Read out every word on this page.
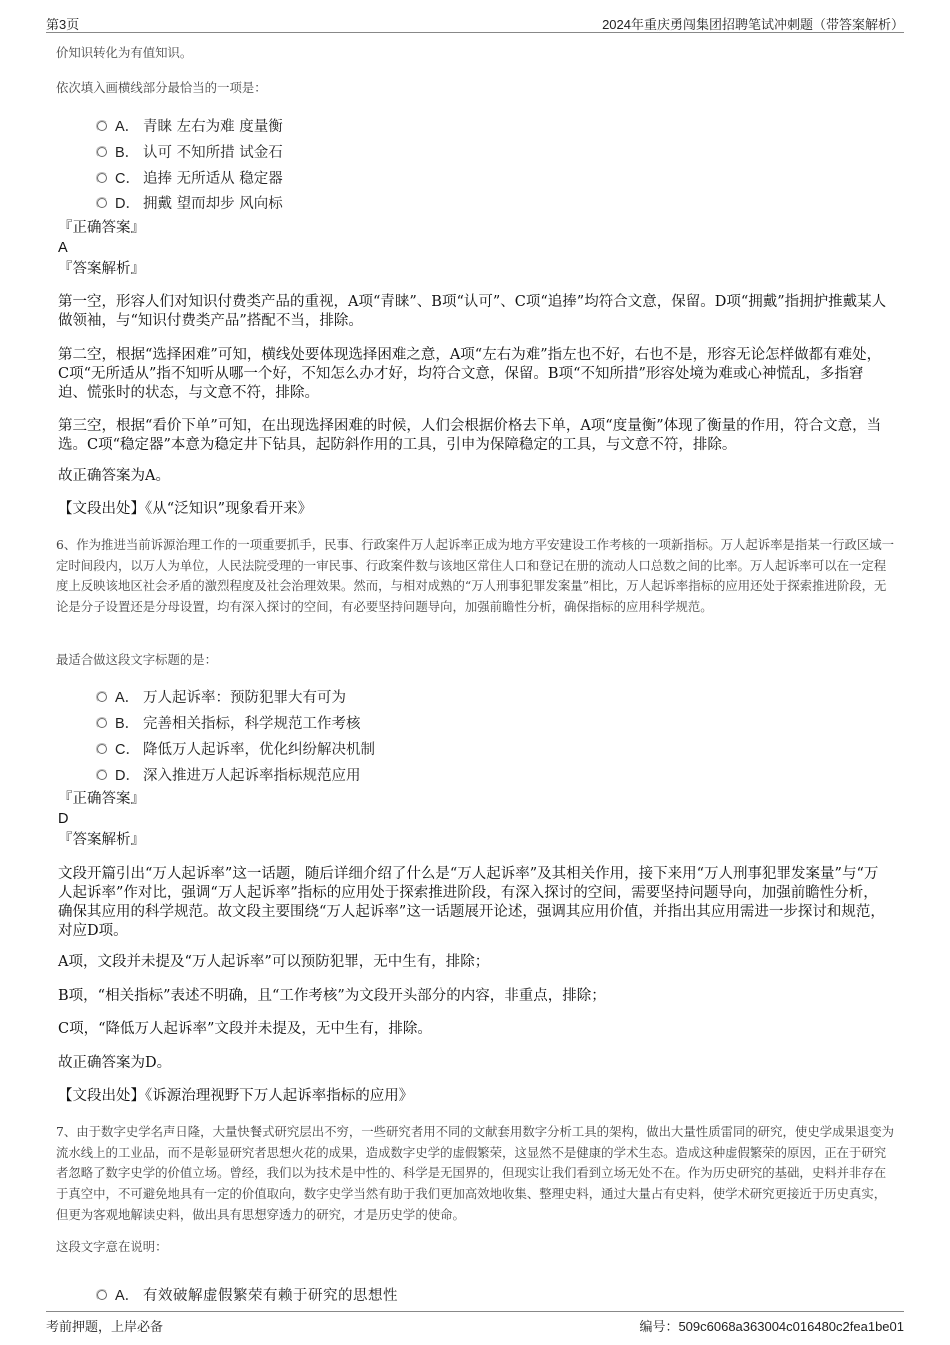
第3页	2024年重庆勇闯集团招聘笔试冲刺题（带答案解析）
价知识转化为有值知识。
依次填入画横线部分最恰当的一项是：
A． 青睐 左右为难 度量衡
B． 认可 不知所措 试金石
C． 追捧 无所适从 稳定器
D． 拥戴 望而却步 风向标
『正确答案』
A
『答案解析』
第一空，形容人们对知识付费类产品的重视，A项“青睐”、B项“认可”、C项“追捧”均符合文意，保留。D项“拥戴”指拥护推戴某人做领袖，与“知识付费类产品”搭配不当，排除。
第二空，根据“选择困难”可知，横线处要体现选择困难之意，A项“左右为难”指左也不好，右也不是，形容无论怎样做都有难处，C项“无所适从”指不知听从哪一个好，不知怎么办才好，均符合文意，保留。B项“不知所措”形容处境为难或心神慌乱，多指窘迫、慌张时的状态，与文意不符，排除。
第三空，根据“看价下单”可知，在出现选择困难的时候，人们会根据价格去下单，A项“度量衡”体现了衡量的作用，符合文意，当选。C项“稳定器”本意为稳定井下钻具，起防斜作用的工具，引申为保障稳定的工具，与文意不符，排除。
故正确答案为A。
【文段出处】《从“泛知识”现象看开来》
6、作为推进当前诉源治理工作的一项重要抓手，民事、行政案件万人起诉率正成为地方平安建设工作考核的一项新指标。万人起诉率是指某一行政区域一定时间段内，以万人为单位，人民法院受理的一审民事、行政案件数与该地区常住人口和登记在册的流动人口总数之间的比率。万人起诉率可以在一定程度上反映该地区社会矛盾的激烈程度及社会治理效果。然而，与相对成熟的“万人刑事犯罪发案量”相比，万人起诉率指标的应用还处于探索推进阶段，无论是分子设置还是分母设置，均有深入探讨的空间，有必要坚持问题导向，加强前瞻性分析，确保指标的应用科学规范。
最适合做这段文字标题的是：
A． 万人起诉率：预防犯罪大有可为
B． 完善相关指标，科学规范工作考核
C． 降低万人起诉率，优化纠纷解决机制
D． 深入推进万人起诉率指标规范应用
『正确答案』
D
『答案解析』
文段开篇引出“万人起诉率”这一话题，随后详细介绍了什么是“万人起诉率”及其相关作用，接下来用“万人刑事犯罪发案量”与“万人起诉率”作对比，强调“万人起诉率”指标的应用处于探索推进阶段，有深入探讨的空间，需要坚持问题导向，加强前瞻性分析，确保其应用的科学规范。故文段主要围绕“万人起诉率”这一话题展开论述，强调其应用价值，并指出其应用需进一步探讨和规范，对应D项。
A项，文段并未提及“万人起诉率”可以预防犯罪，无中生有，排除；
B项，“相关指标”表述不明确，且“工作考核”为文段开头部分的内容，非重点，排除；
C项，“降低万人起诉率”文段并未提及，无中生有，排除。
故正确答案为D。
【文段出处】《诉源治理视野下万人起诉率指标的应用》
7、由于数字史学名声日隆，大量快餐式研究层出不穷，一些研究者用不同的文献套用数字分析工具的架构，做出大量性质雷同的研究，使史学成果退变为流水线上的工业品，而不是彰显研究者思想火花的成果，造成数字史学的虚假繁荣，这显然不是健康的学术生态。造成这种虚假繁荣的原因，正在于研究者忽略了数字史学的价值立场。曾经，我们以为技术是中性的、科学是无国界的，但现实让我们看到立场无处不在。作为历史研究的基础，史料并非存在于真空中，不可避免地具有一定的价值取向，数字史学当然有助于我们更加高效地收集、整理史料，通过大量占有史料，使学术研究更接近于历史真实，但更为客观地解读史料，做出具有思想穿透力的研究，才是历史学的使命。
这段文字意在说明：
A． 有效破解虚假繁荣有赖于研究的思想性
考前押题，上岸必备	编号：509c6068a363004c016480c2fea1be01
